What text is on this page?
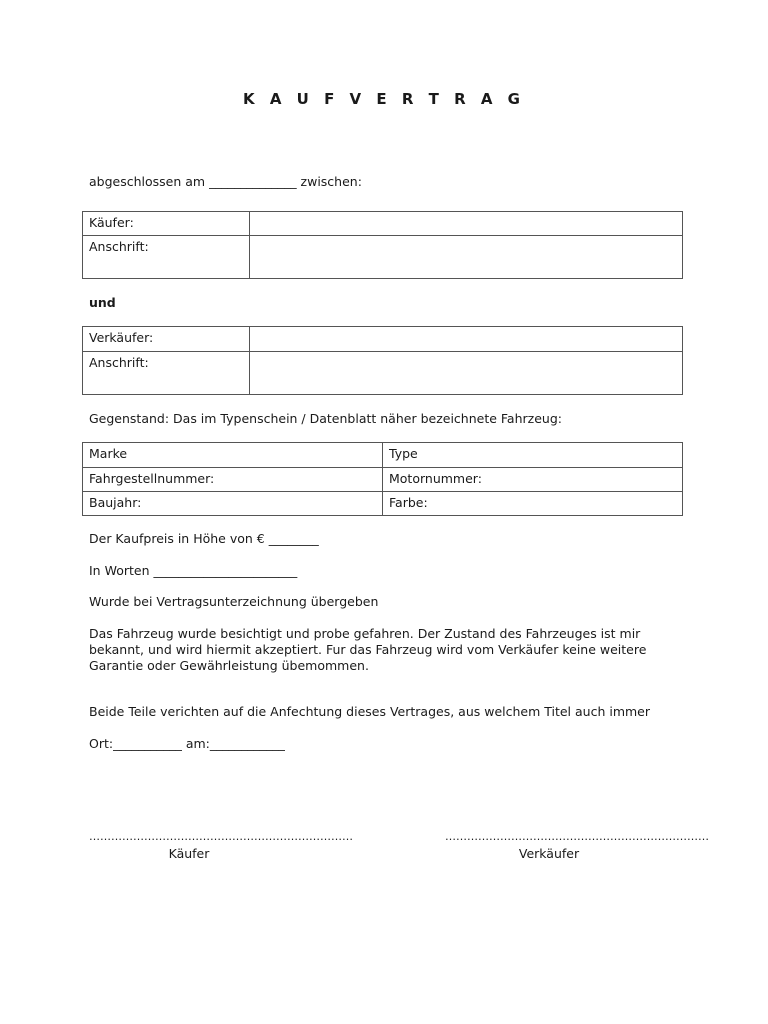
K A U F V E R T R A G
abgeschlossen am ______________ zwischen:
Käufer:	
Anschrift:	
und
Verkäufer:	
Anschrift:	
Gegenstand: Das im Typenschein / Datenblatt näher bezeichnete Fahrzeug:
Marke	Type
Fahrgestellnummer:	Motornummer:
Baujahr:	Farbe:
Der Kaufpreis in Höhe von € ________
In Worten _______________________
Wurde bei Vertragsunterzeichnung übergeben
Das Fahrzeug wurde besichtigt und probe gefahren. Der Zustand des Fahrzeuges ist mir bekannt, und wird hiermit akzeptiert. Fur das Fahrzeug wird vom Verkäufer keine weitere Garantie oder Gewährleistung übemommen.
Beide Teile verichten auf die Anfechtung dieses Vertrages, aus welchem Titel auch immer
Ort:___________ am:____________
………………………………………………………………	………………………………………………………………
Käufer	Verkäufer
